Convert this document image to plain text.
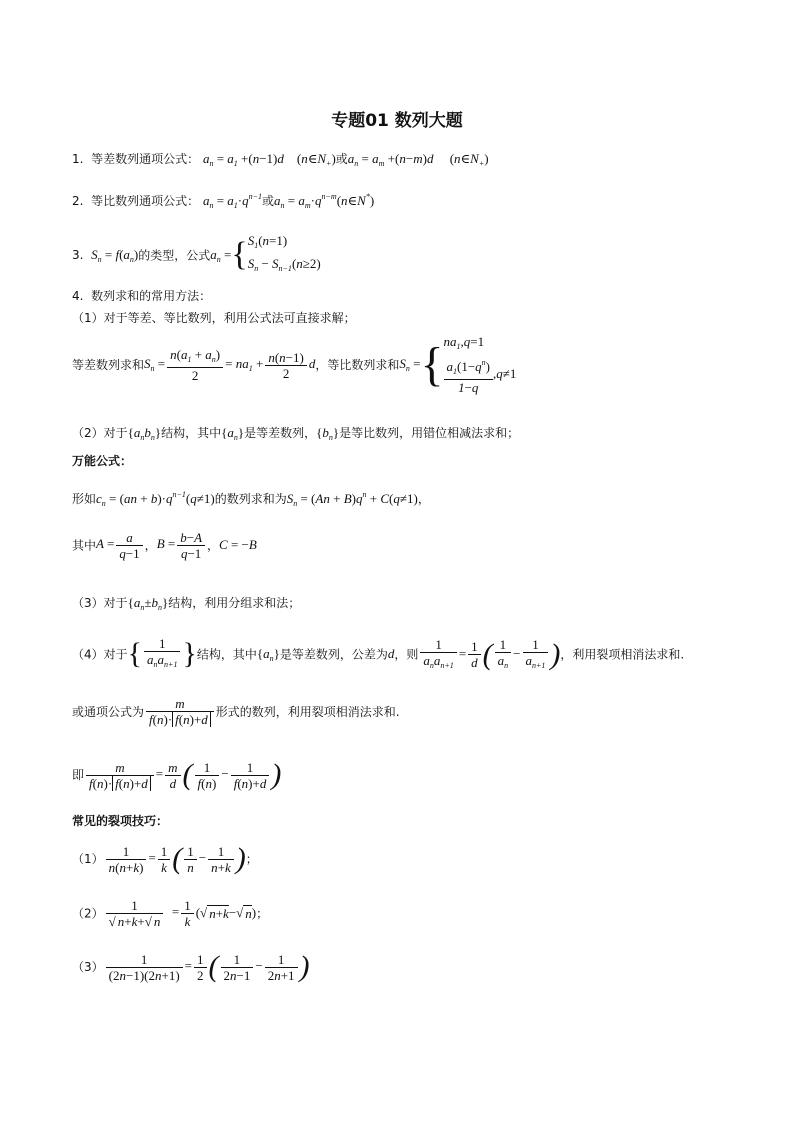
专题01 数列大题
1. 等差数列通项公式： $a_n = a_1 +(n-1)d$    $(n\in N_+)$或$a_n = a_m +(n-m)d$     $(n\in N_+)$
2. 等比数列通项公式： $a_n = a_1\cdot q^{n-1}$或$a_n$ = $a_m\cdot q^{n-m}(n\in N^*)$
3. $S_n = f(a_n)$的类型，公式$a_n =\{S_1(n=1)$
$S_n - S_{n-1}(n\ge 2)$
4. 数列求和的常用方法：
（1）对于等差、等比数列，利用公式法可直接求解；
等差数列求和$S_n = \frac{n(a_1 + a_n)}{2} = na_1 + \frac{n(n-1)}{2}$ d，等比数列求和$S_n =\{na_1,q=1$

$\frac{a_1(1-q^n)}{1-q} ,q\ne 1$
（2）对于$\{a_nb_n\}$结构，其中$\{a_n\}$是等差数列，$\{b_n\}$是等比数列，用错位相减法求和；
万能公式：
形如$c_n = (an + b)\cdot q^{n-1}(q\ne 1)$的数列求和为$S_n = (An + B)q^n + C(q\ne 1)$，
其中$A = \frac{a}{q-1}$ ，$B = \frac{b-A}{q-1}$ ，C = −B
（3）对于$\{a_n\pm b_n\}$结构，利用分组求和法；
（4）对于{ $\frac{1}{a_na_{n+1}}$ }结构，其中$\{a_n\}$是等差数列，公差为d，则 $\frac{1}{a_na_{n+1}} = \frac{1}{d}$ ( $\frac{1}{a_n} - \frac{1}{a_{n+1}}$ )，利用裂项相消法求和.
或通项公式为 $\frac{m}{f(n)\cdot f(n)+d}$ 形式的数列，利用裂项相消法求和.
即 $\frac{m}{f(n)\cdot f(n)+d} = \frac{m}{d}$ ( $\frac{1}{f(n)} - \frac{1}{f(n)+d}$ )
常见的裂项技巧：
$(1) \frac{1}{n(n+k)} = \frac{1}{k}$ ( $\frac{1}{n} - \frac{1}{n+k}$ )；
$(2) \frac{1}{√ n+k+√ n} = \frac{1}{k}$ (√ n+k−√ n)；
$(3) \frac{1}{(2n-1)(2n+1)} = \frac{1}{2}$ ( $\frac{1}{2n-1} - \frac{1}{2n+1}$ )
